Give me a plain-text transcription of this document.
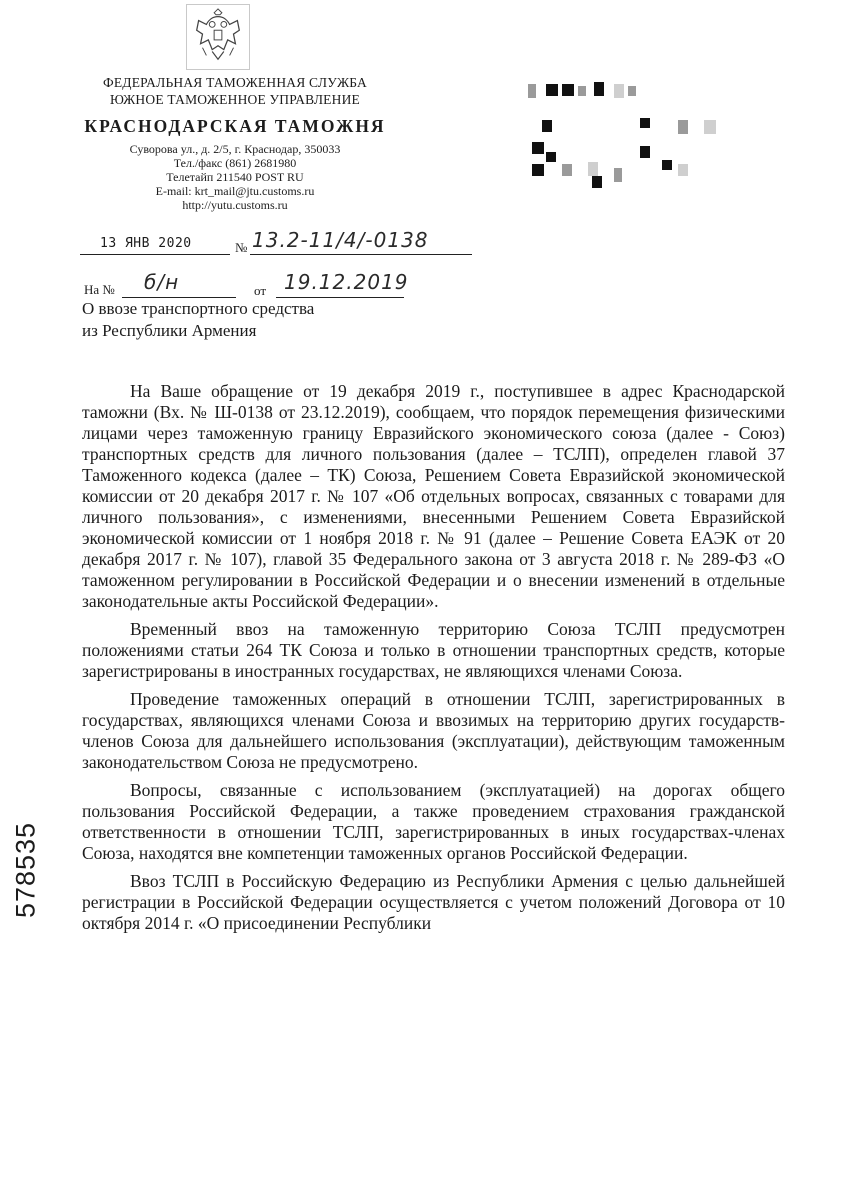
ФЕДЕРАЛЬНАЯ ТАМОЖЕННАЯ СЛУЖБА
ЮЖНОЕ ТАМОЖЕННОЕ УПРАВЛЕНИЕ
КРАСНОДАРСКАЯ ТАМОЖНЯ
Суворова ул., д. 2/5, г. Краснодар, 350033
Тел./факс (861) 2681980
Телетайп 211540 POST RU
E-mail: krt_mail@jtu.customs.ru
http://yutu.customs.ru
13 ЯНВ 2020	№ 13.2-11/4/-0138
На № б/н	от 19.12.2019
О ввозе транспортного средства
из Республики Армения

На Ваше обращение от 19 декабря 2019 г., поступившее в адрес Краснодарской таможни (Вх. № Ш-0138 от 23.12.2019), сообщаем, что порядок перемещения физическими лицами через таможенную границу Евразийского экономического союза (далее - Союз) транспортных средств для личного пользования (далее – ТСЛП), определен главой 37 Таможенного кодекса (далее – ТК) Союза, Решением Совета Евразийской экономической комиссии от 20 декабря 2017 г. № 107 «Об отдельных вопросах, связанных с товарами для личного пользования», с изменениями, внесенными Решением Совета Евразийской экономической комиссии от 1 ноября 2018 г. № 91 (далее – Решение Совета ЕАЭК от 20 декабря 2017 г. № 107), главой 35 Федерального закона от 3 августа 2018 г. № 289-ФЗ «О таможенном регулировании в Российской Федерации и о внесении изменений в отдельные законодательные акты Российской Федерации».

Временный ввоз на таможенную территорию Союза ТСЛП предусмотрен положениями статьи 264 ТК Союза и только в отношении транспортных средств, которые зарегистрированы в иностранных государствах, не являющихся членами Союза.

Проведение таможенных операций в отношении ТСЛП, зарегистрированных в государствах, являющихся членами Союза и ввозимых на территорию других государств-членов Союза для дальнейшего использования (эксплуатации), действующим таможенным законодательством Союза не предусмотрено.

Вопросы, связанные с использованием (эксплуатацией) на дорогах общего пользования Российской Федерации, а также проведением страхования гражданской ответственности в отношении ТСЛП, зарегистрированных в иных государствах-членах Союза, находятся вне компетенции таможенных органов Российской Федерации.

Ввоз ТСЛП в Российскую Федерацию из Республики Армения с целью дальнейшей регистрации в Российской Федерации осуществляется с учетом положений Договора от 10 октября 2014 г. «О присоединении Республики

578535
